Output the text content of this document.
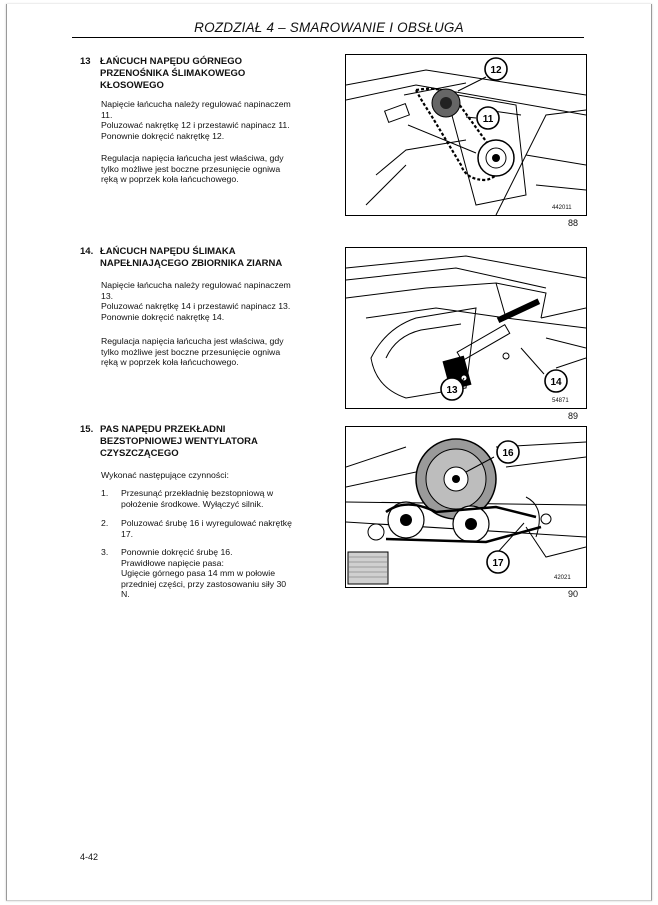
ROZDZIAŁ 4 – SMAROWANIE I OBSŁUGA
13 ŁAŃCUCH NAPĘDU GÓRNEGO
PRZENOŚNIKA ŚLIMAKOWEGO
KŁOSOWEGO
Napięcie łańcucha należy regulować napinaczem
11.
Poluzować nakrętkę 12 i przestawić napinacz 11.
Ponownie dokręcić nakrętkę 12.
Regulacja napięcia łańcucha jest właściwa, gdy
tylko możliwe jest boczne przesunięcie ogniwa
ręką w poprzek koła łańcuchowego.
12
11
442011
88
14. ŁAŃCUCH NAPĘDU ŚLIMAKA
NAPEŁNIAJĄCEGO ZBIORNIKA ZIARNA
Napięcie łańcucha należy regulować napinaczem
13.
Poluzować nakrętkę 14 i przestawić napinacz 13.
Ponownie dokręcić nakrętkę 14.
Regulacja napięcia łańcucha jest właściwa, gdy
tylko możliwe jest boczne przesunięcie ogniwa
ręką w poprzek koła łańcuchowego.
13
14
54871
89
15. PAS NAPĘDU PRZEKŁADNI
BEZSTOPNIOWEJ WENTYLATORA
CZYSZCZĄCEGO
Wykonać następujące czynności:
1. Przesunąć przekładnię bezstopniową w
położenie środkowe. Wyłączyć silnik.
2. Poluzować śrubę 16 i wyregulować nakrętkę
17.
3. Ponownie dokręcić śrubę 16.
Prawidłowe napięcie pasa:
Ugięcie górnego pasa 14 mm w połowie
przedniej części, przy zastosowaniu siły 30
N.
16
17
42021
90
4-42
